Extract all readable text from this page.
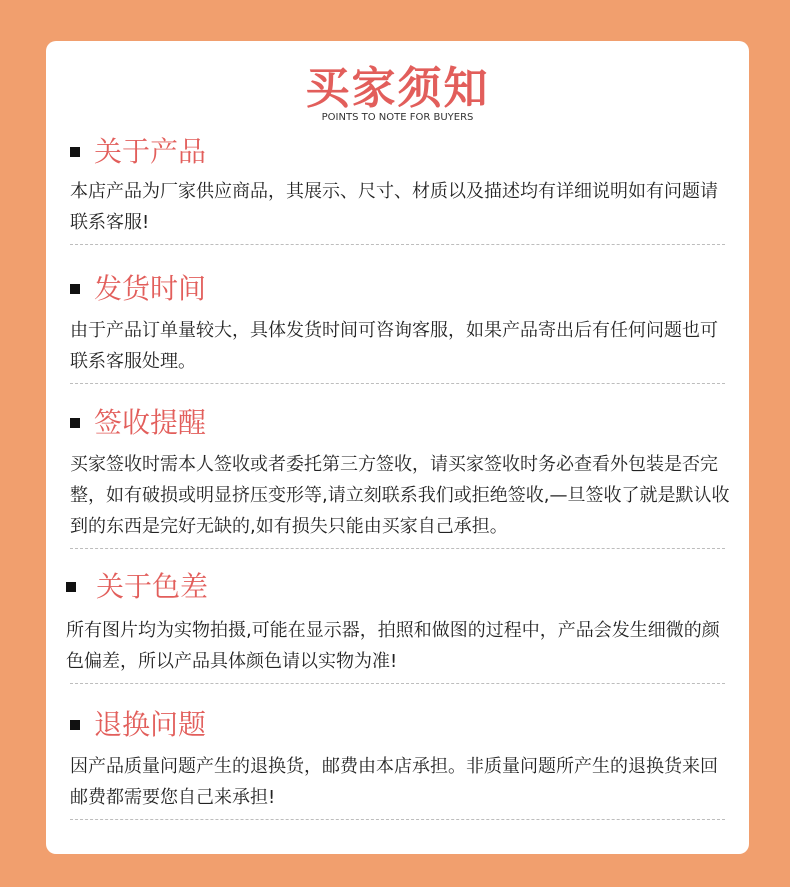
买家须知
POINTS TO NOTE FOR BUYERS
关于产品

本店产品为厂家供应商品，其展示、尺寸、材质以及描述均有详细说明如有问题请联系客服!

发货时间

由于产品订单量较大，具体发货时间可咨询客服，如果产品寄出后有任何问题也可联系客服处理。

签收提醒

买家签收时需本人签收或者委托第三方签收，请买家签收时务必查看外包装是否完整，如有破损或明显挤压变形等,请立刻联系我们或拒绝签收,—旦签收了就是默认收到的东西是完好无缺的,如有损失只能由买家自己承担。

关于色差

所有图片均为实物拍摄,可能在显示器，拍照和做图的过程中，产品会发生细微的颜色偏差，所以产品具体颜色请以实物为准!

退换问题

因产品质量问题产生的退换货，邮费由本店承担。非质量问题所产生的退换货来回邮费都需要您自己来承担!
